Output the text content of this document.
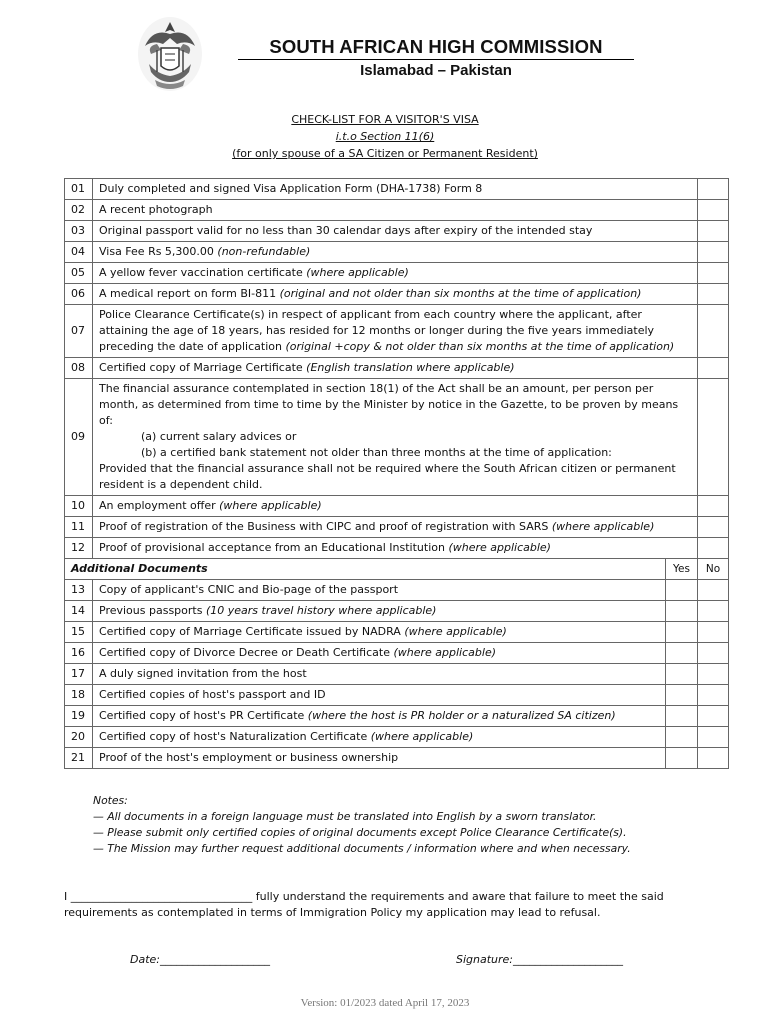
SOUTH AFRICAN HIGH COMMISSION
Islamabad – Pakistan
CHECK-LIST FOR A VISITOR'S VISA
i.t.o Section 11(6)
(for only spouse of a SA Citizen or Permanent Resident)
01	Duly completed and signed Visa Application Form (DHA-1738) Form 8		
02	A recent photograph		
03	Original passport valid for no less than 30 calendar days after expiry of the intended stay		
04	Visa Fee Rs 5,300.00 (non-refundable)		
05	A yellow fever vaccination certificate (where applicable)		
06	A medical report on form BI-811 (original and not older than six months at the time of application)		
07	Police Clearance Certificate(s) in respect of applicant from each country where the applicant, after attaining the age of 18 years, has resided for 12 months or longer during the five years immediately preceding the date of application (original +copy & not older than six months at the time of application)		
08	Certified copy of Marriage Certificate (English translation where applicable)		
09	The financial assurance contemplated in section 18(1) of the Act shall be an amount, per person per month, as determined from time to time by the Minister by notice in the Gazette, to be proven by means of:
(a) current salary advices or
(b) a certified bank statement not older than three months at the time of application:
Provided that the financial assurance shall not be required where the South African citizen or permanent resident is a dependent child.		

10	An employment offer (where applicable)		
11	Proof of registration of the Business with CIPC and proof of registration with SARS (where applicable)		
12	Proof of provisional acceptance from an Educational Institution (where applicable)		
Additional Documents		Yes	No
13	Copy of applicant's CNIC and Bio-page of the passport		
14	Previous passports (10 years travel history where applicable)		
15	Certified copy of Marriage Certificate issued by NADRA (where applicable)		
16	Certified copy of Divorce Decree or Death Certificate (where applicable)		
17	A duly signed invitation from the host		
18	Certified copies of host's passport and ID		
19	Certified copy of host's PR Certificate (where the host is PR holder or a naturalized SA citizen)		
20	Certified copy of host's Naturalization Certificate (where applicable)		
21	Proof of the host's employment or business ownership		
Notes:
— All documents in a foreign language must be translated into English by a sworn translator.
— Please submit only certified copies of original documents except Police Clearance Certificate(s).
— The Mission may further request additional documents / information where and when necessary.
I _________________________________ fully understand the requirements and aware that failure to meet the said requirements as contemplated in terms of Immigration Policy my application may lead to refusal.
Date:____________________	Signature:____________________
Version: 01/2023 dated April 17, 2023
